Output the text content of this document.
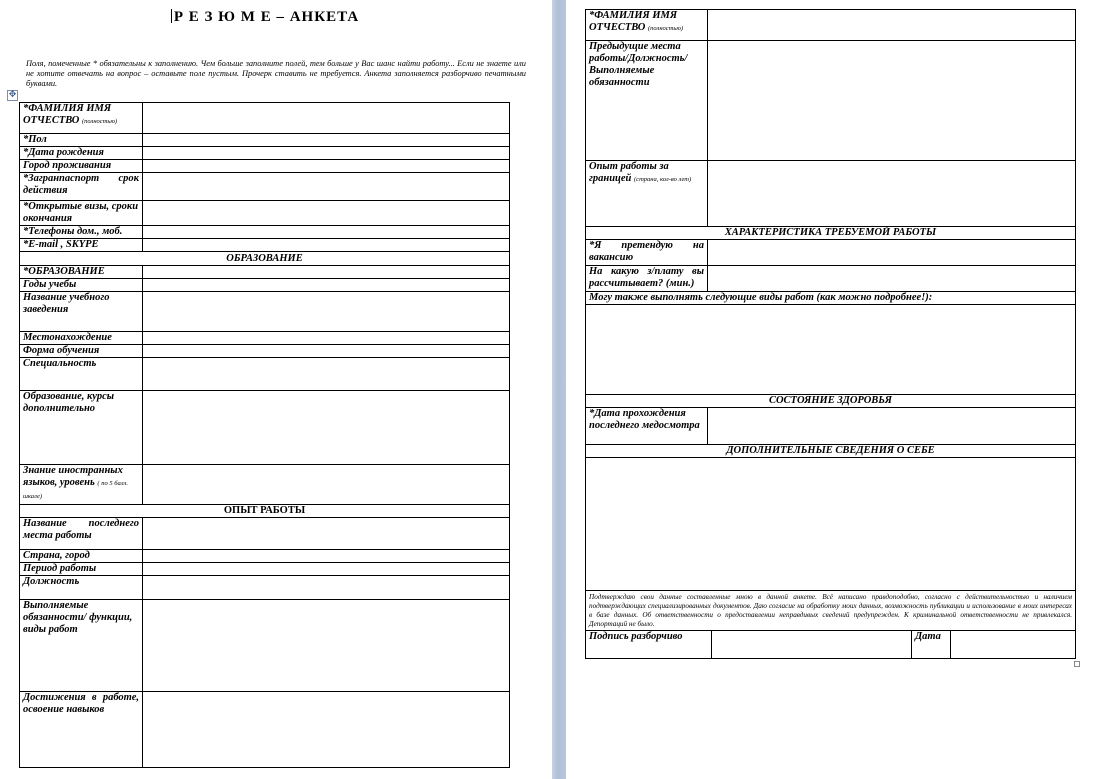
Р Е З Ю М Е – АНКЕТА
Поля, помеченные * обязательны к заполнению. Чем больше заполните полей, тем больше у Вас шанс найти работу... Если не знаете или не хотите отвечать на вопрос – оставьте поле пустым. Прочерк ставить не требуется. Анкета заполняется разборчиво печатными буквами.
✥
*ФАМИЛИЯ ИМЯ ОТЧЕСТВО (полностью)	
*Пол	
*Дата рождения	
Город проживания	
*Загранпаспорт срок действия	
*Открытые визы, сроки окончания	
*Телефоны дом., моб.	
*E-mail , SKYPE	
ОБРАЗОВАНИЕ	
*ОБРАЗОВАНИЕ	
Годы учебы	
Название учебного заведения	
Местонахождение	
Форма обучения	
Специальность	
Образование, курсы дополнительно	
Знание иностранных языков, уровень ( по 5 балл. шкале)	
ОПЫТ РАБОТЫ	
Название последнего места работы	
Страна, город	
Период работы	
Должность	
Выполняемые обязанности/ функции, виды работ	
Достижения в работе, освоение навыков	
*ФАМИЛИЯ ИМЯ ОТЧЕСТВО (полностью)				
Предыдущие места работы/Должность/ Выполняемые обязанности				
Опыт работы за границей (страна, кол-во лет)				
ХАРАКТЕРИСТИКА ТРЕБУЕМОЙ РАБОТЫ				
*Я претендую на вакансию				
На какую з/плату вы рассчитывает? (мин.)				
Могу также выполнять следующие виды работ (как можно подробнее!):				

СОСТОЯНИЕ ЗДОРОВЬЯ				
*Дата прохождения последнего медосмотра				
ДОПОЛНИТЕЛЬНЫЕ СВЕДЕНИЯ О СЕБЕ				

Подтверждаю свои данные составленные мною в данной анкете. Всё написано правдоподобно, согласно с действительностью и наличием подтверждающих специализированных документов. Даю согласие на обработку моих данных, возможность публикации и использование в моих интересах в базе данных. Об ответственности о предоставлении неправдивых сведений предупрежден. К криминальной ответственности не привлекался. Депортаций не было.				
Подпись разборчиво			Дата	
